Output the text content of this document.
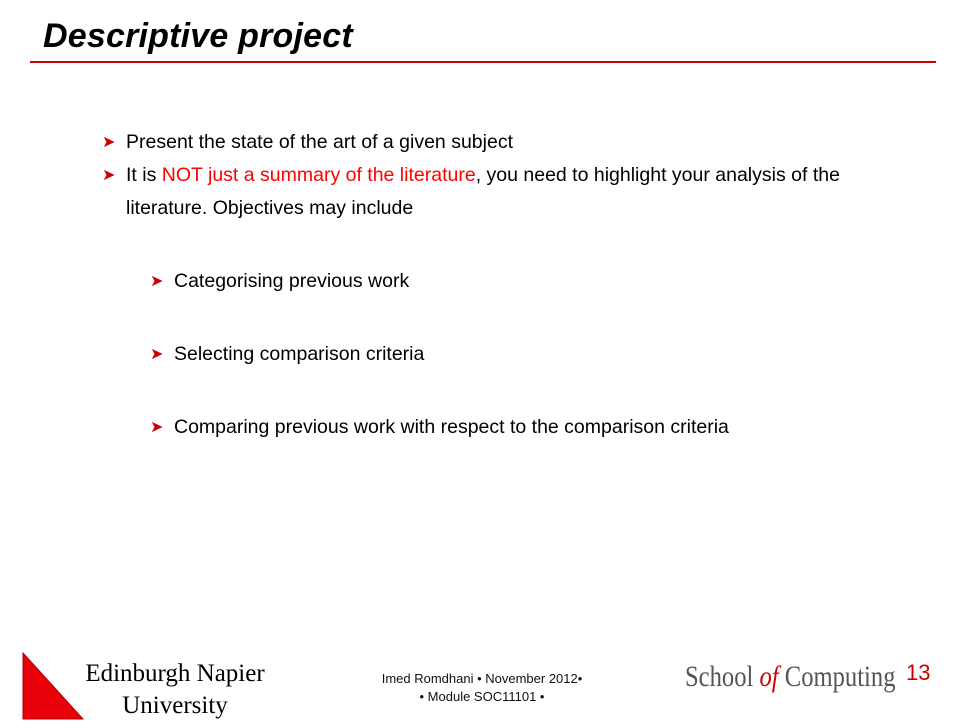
Descriptive project
➤ Present the state of the art of a given subject
➤ It is NOT just a summary of the literature, you need to highlight your analysis of the literature. Objectives may include
➤ Categorising previous work
➤ Selecting comparison criteria
➤ Comparing previous work with respect to the comparison criteria
Edinburgh Napier
University
Imed Romdhani • November 2012•
• Module SOC11101 •
School of Computing 13
